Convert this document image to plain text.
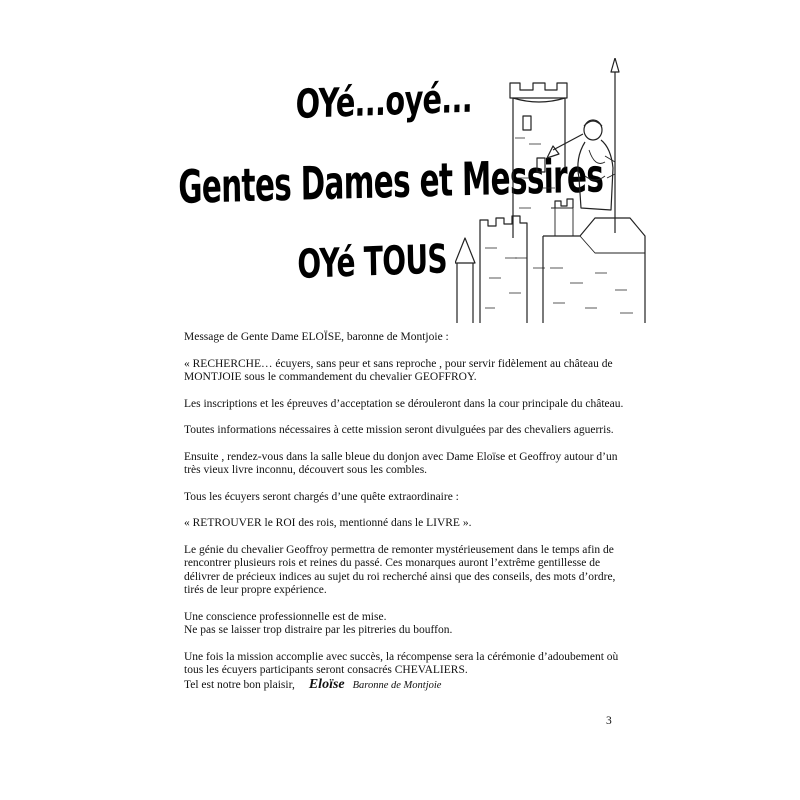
OYé...oyé...
Gentes Dames et Messires
OYé TOUS

Message de Gente Dame ELOÏSE, baronne de Montjoie :

« RECHERCHE… écuyers, sans peur et sans reproche , pour servir fidèlement au château de MONTJOIE sous le commandement du chevalier GEOFFROY.

Les inscriptions et les épreuves d’acceptation se dérouleront dans la cour principale du château.

Toutes informations nécessaires à cette mission seront divulguées par des chevaliers aguerris.

Ensuite , rendez-vous dans la salle bleue du donjon avec Dame Eloïse et Geoffroy autour d’un très vieux livre inconnu, découvert sous les combles.

Tous les écuyers seront chargés d’une quête extraordinaire :

« RETROUVER le ROI des rois, mentionné dans le LIVRE ».

Le génie du chevalier Geoffroy permettra de remonter mystérieusement dans le temps afin de rencontrer plusieurs rois et reines du passé. Ces monarques auront l’extrême gentillesse de délivrer de précieux indices au sujet du roi recherché ainsi que des conseils, des mots d’ordre, tirés de leur propre expérience.

Une conscience professionnelle est de mise.

Ne pas se laisser trop distraire par les pitreries du bouffon.

Une fois la mission accomplie avec succès, la récompense sera la cérémonie d’adoubement où tous les écuyers participants seront consacrés CHEVALIERS.

Tel est notre bon plaisir, Eloïse Baronne de Montjoie

3
